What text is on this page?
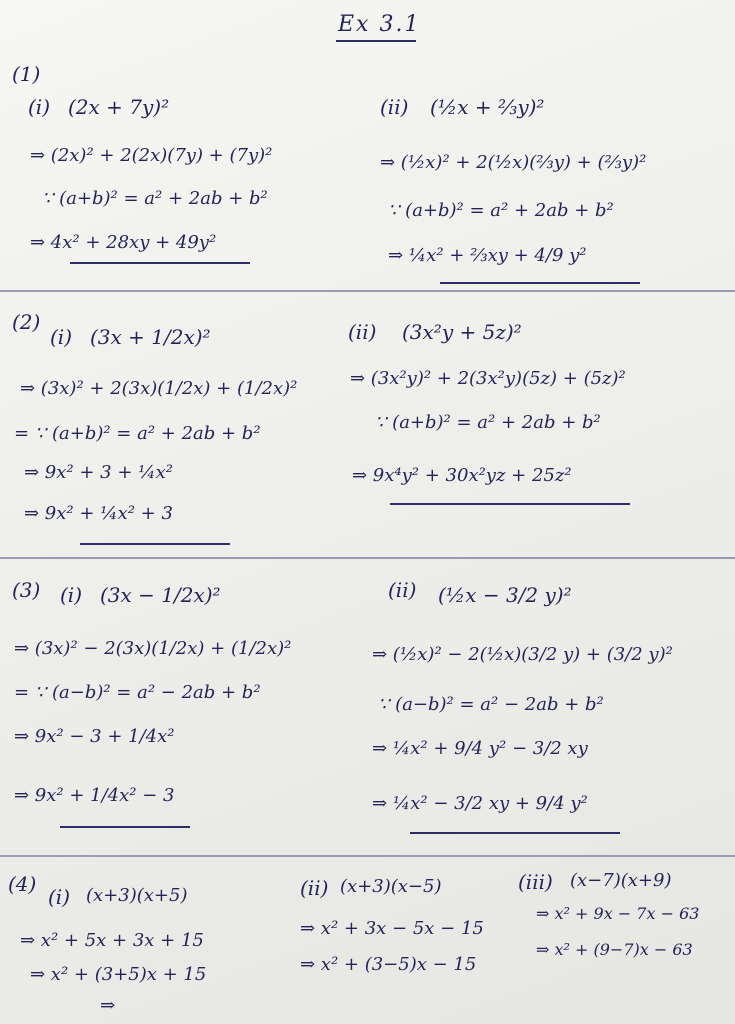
Ex 3.1
(1)
(i) (2x + 7y)²
⇒ (2x)² + 2(2x)(7y) + (7y)²
∵ (a+b)² = a² + 2ab + b²
⇒ 4x² + 28xy + 49y²
(ii) (½x + ⅔y)²
⇒ (½x)² + 2(½x)(⅔y) + (⅔y)²
∵ (a+b)² = a² + 2ab + b²
⇒ ¼x² + ⅔xy + 4/9 y²
(2)
(i) (3x + 1/2x)²
⇒ (3x)² + 2(3x)(1/2x) + (1/2x)²
= ∵ (a+b)² = a² + 2ab + b²
⇒ 9x² + 3 + ¼x²
⇒ 9x² + ¼x² + 3
(ii) (3x²y + 5z)²
⇒ (3x²y)² + 2(3x²y)(5z) + (5z)²
∵ (a+b)² = a² + 2ab + b²
⇒ 9x⁴y² + 30x²yz + 25z²
(3) (i) (3x − 1/2x)²
⇒ (3x)² − 2(3x)(1/2x) + (1/2x)²
= ∵ (a−b)² = a² − 2ab + b²
⇒ 9x² − 3 + 1/4x²
⇒ 9x² + 1/4x² − 3
(ii) (½x − 3/2 y)²
⇒ (½x)² − 2(½x)(3/2 y) + (3/2 y)²
∵ (a−b)² = a² − 2ab + b²
⇒ ¼x² + 9/4 y² − 3/2 xy
⇒ ¼x² − 3/2 xy + 9/4 y²
(4)
(i) (x+3)(x+5)
⇒ x² + 5x + 3x + 15
⇒ x² + (3+5)x + 15
⇒
(ii) (x+3)(x−5)
⇒ x² + 3x − 5x − 15
⇒ x² + (3−5)x − 15
(iii) (x−7)(x+9)
⇒ x² + 9x − 7x − 63
⇒ x² + (9−7)x − 63
